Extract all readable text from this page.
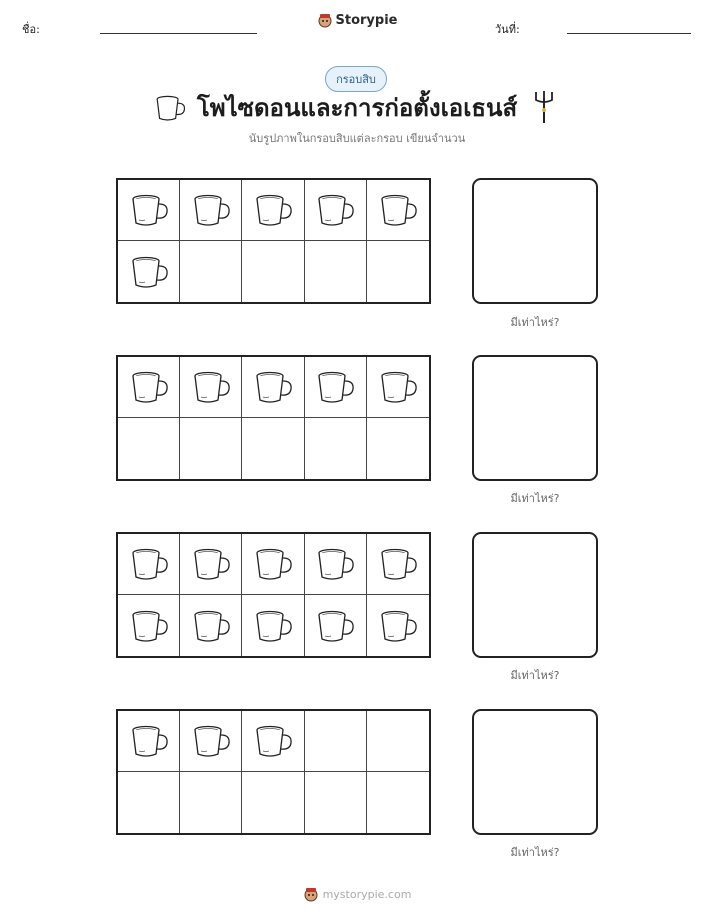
ชื่อ:	วันที่:
Storypie
กรอบสิบ
โพไซดอนและการก่อตั้งเอเธนส์
นับรูปภาพในกรอบสิบแต่ละกรอบ เขียนจำนวน
มีเท่าไหร่?
มีเท่าไหร่?
มีเท่าไหร่?
มีเท่าไหร่?
mystorypie.com
